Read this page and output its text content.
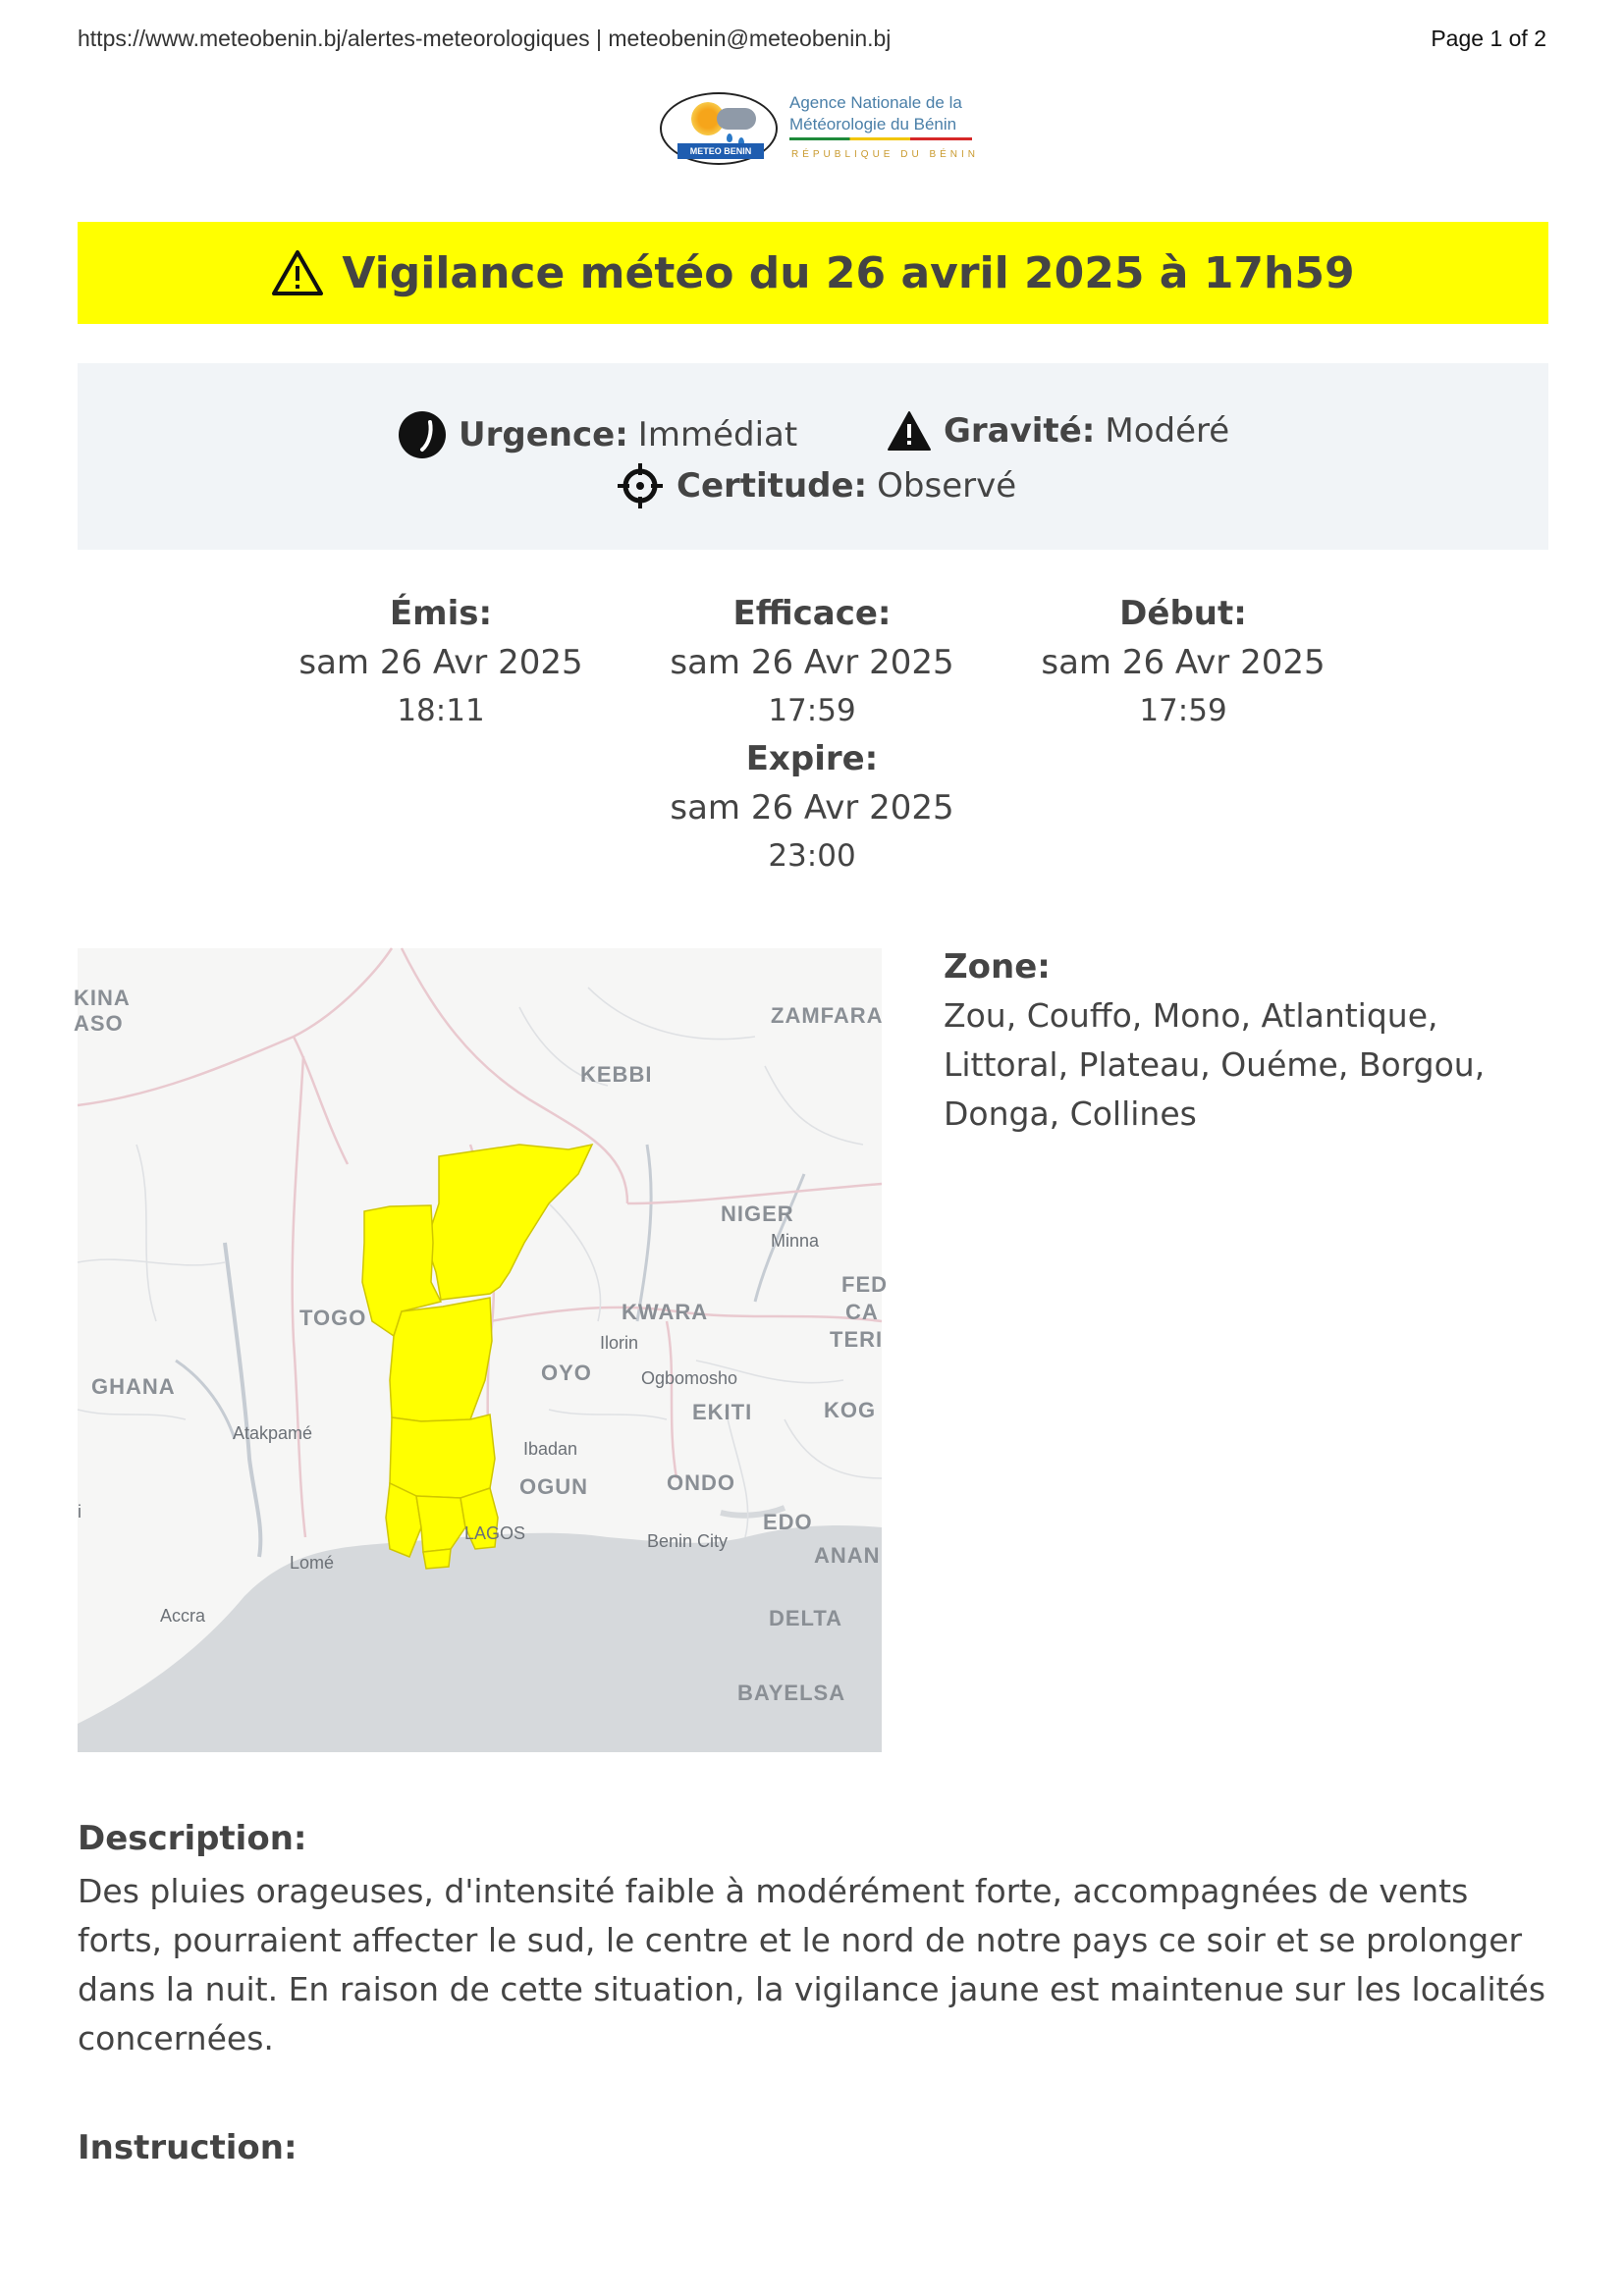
https://www.meteobenin.bj/alertes-meteorologiques | meteobenin@meteobenin.bj	Page 1 of 2
METEO BENIN
Agence Nationale de la
Météorologie du Bénin
RÉPUBLIQUE DU BÉNIN
Vigilance météo du 26 avril 2025 à 17h59
Urgence: Immédiat	Gravité: Modéré
Certitude: Observé
Émis:
sam 26 Avr 2025
18:11
Efficace:
sam 26 Avr 2025
17:59
Début:
sam 26 Avr 2025
17:59
Expire:
sam 26 Avr 2025
23:00
KINA
ASO	ZAMFARA
KEBBI
NIGER
FED
CA
TERI
TOGO	KWARA
GHANA
OYO
EKITI	KOG
OGUN	ONDO
EDO
ANAN
DELTA
BAYELSA
Minna
Ilorin
Ogbomosho
Atakpamé
Ibadan
LAGOS	Benin City
Lomé
Accra
i
Zone:
Zou, Couffo, Mono, Atlantique, Littoral, Plateau, Ouéme, Borgou, Donga, Collines
Description:
Des pluies orageuses, d'intensité faible à modérément forte, accompagnées de vents forts, pourraient affecter le sud, le centre et le nord de notre pays ce soir et se prolonger dans la nuit. En raison de cette situation, la vigilance jaune est maintenue sur les localités concernées.
Instruction:
